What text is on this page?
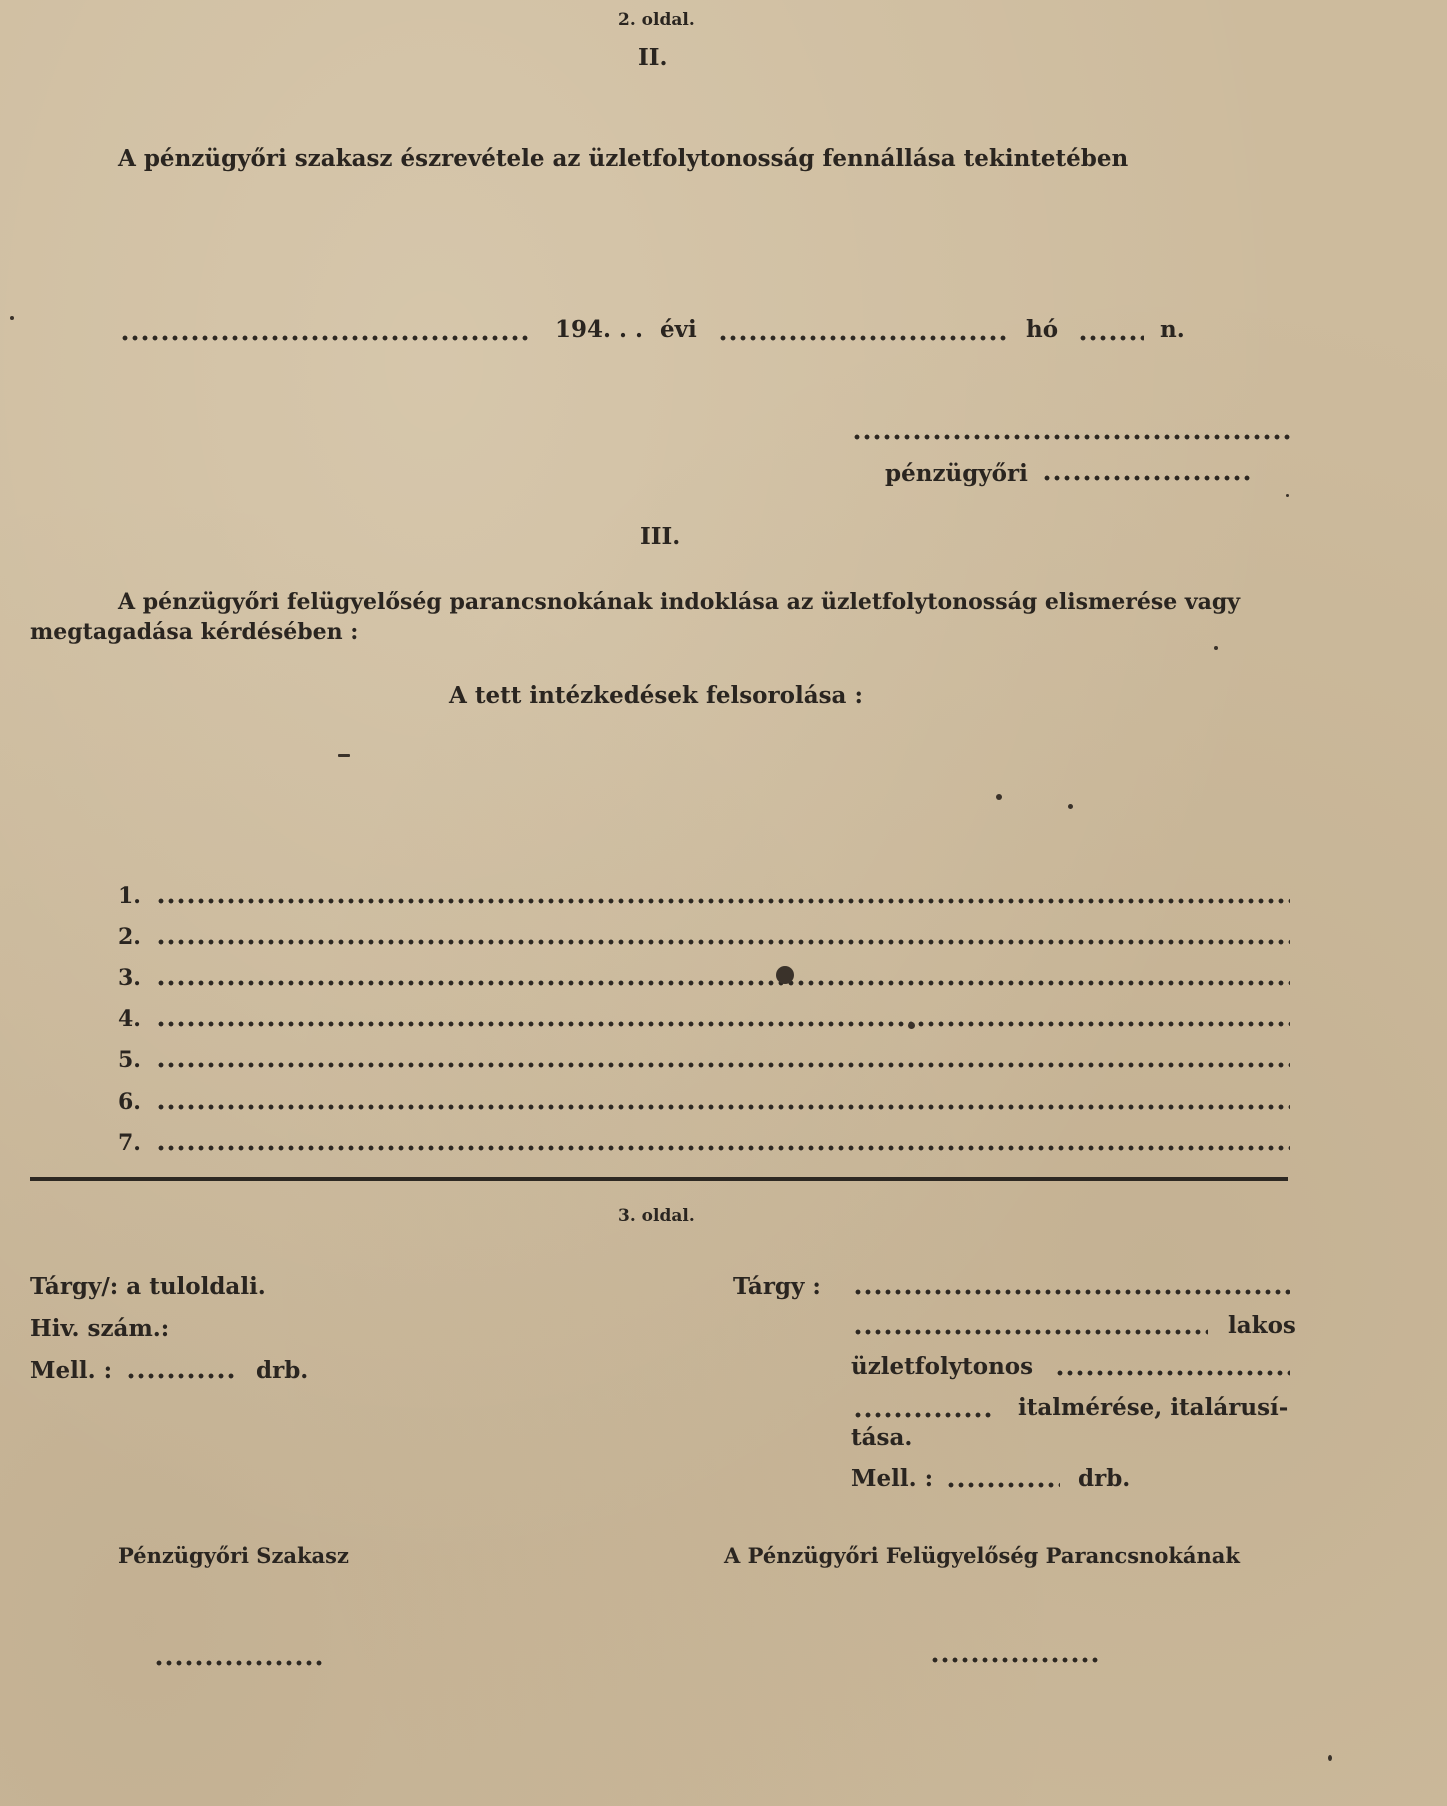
2. oldal.
II.
A pénzügyőri szakasz észrevétele az üzletfolytonosság fennállása tekintetében
194. . . évi	hó	n.
pénzügyőri
III.
A pénzügyőri felügyelőség parancsnokának indoklása az üzletfolytonosság elismerése vagy
megtagadása kérdésében :
A tett intézkedések felsorolása :
1.
2.
3.
4.
5.
6.
7.
3. oldal.
Tárgy/: a tuloldali.
Hiv. szám.:
Mell. :	drb.
Tárgy :
lakos
üzletfolytonos
italmérése, italárusí-
tása.
Mell. :	drb.
Pénzügyőri Szakasz	A Pénzügyőri Felügyelőség Parancsnokának
